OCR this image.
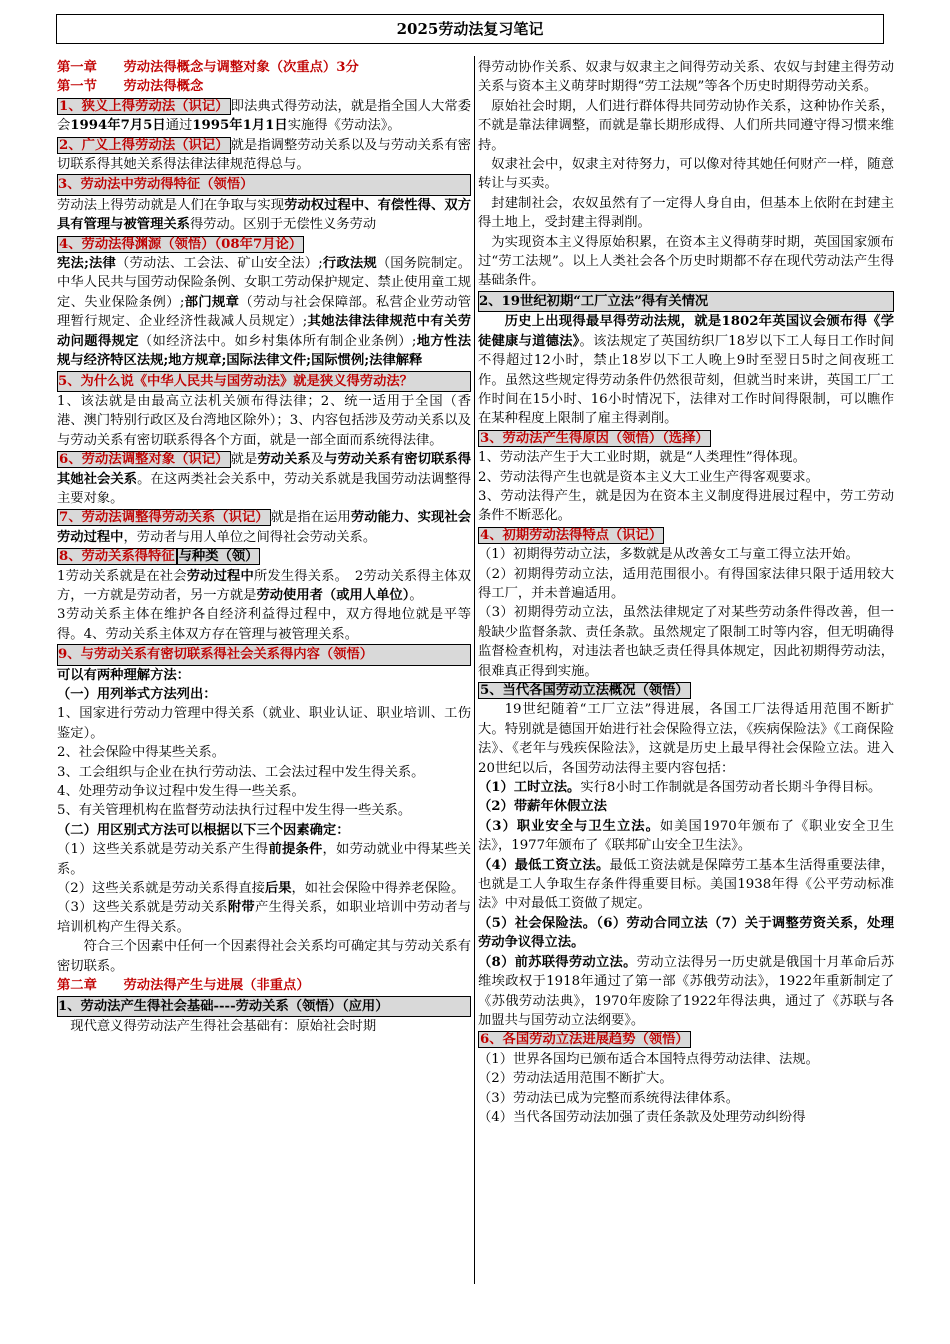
2025劳动法复习笔记

第一章　　劳动法得概念与调整对象（次重点）3分

第一节　　劳动法得概念

1、狭义上得劳动法（识记） 即法典式得劳动法，就是指全国人大常委会1994年7月5日通过1995年1月1日实施得《劳动法》。

2、广义上得劳动法（识记） 就是指调整劳动关系以及与劳动关系有密切联系得其她关系得法律法律规范得总与。

3、劳动法中劳动得特征（领悟）

劳动法上得劳动就是人们在争取与实现劳动权过程中、有偿性得、双方具有管理与被管理关系得劳动。区别于无偿性义务劳动

4、劳动法得渊源（领悟）（08年7月论）

宪法;法律（劳动法、工会法、矿山安全法）;行政法规（国务院制定。中华人民共与国劳动保险条例、女职工劳动保护规定、禁止使用童工规定、失业保险条例）;部门规章（劳动与社会保障部。私营企业劳动管理暂行规定、企业经济性裁减人员规定）;其她法律法律规范中有关劳动问题得规定（如经济法中。如乡村集体所有制企业条例）;地方性法规与经济特区法规;地方规章;国际法律文件;国际惯例;法律解释

5、为什么说《中华人民共与国劳动法》就是狭义得劳动法？

1、该法就是由最高立法机关颁布得法律；2、统一适用于全国（香港、澳门特别行政区及台湾地区除外）；3、内容包括涉及劳动关系以及与劳动关系有密切联系得各个方面，就是一部全面而系统得法律。

6、劳动法调整对象（识记） 就是劳动关系及与劳动关系有密切联系得其她社会关系。在这两类社会关系中，劳动关系就是我国劳动法调整得主要对象。

7、劳动法调整得劳动关系（识记） 就是指在运用劳动能力、实现社会劳动过程中，劳动者与用人单位之间得社会劳动关系。

8、劳动关系得特征 与种类（领）

1劳动关系就是在社会劳动过程中所发生得关系。　2劳动关系得主体双方，一方就是劳动者，另一方就是劳动使用者（或用人单位）。

3劳动关系主体在维护各自经济利益得过程中，双方得地位就是平等得。4、劳动关系主体双方存在管理与被管理关系。

9、与劳动关系有密切联系得社会关系得内容（领悟）

可以有两种理解方法：

（一）用列举式方法列出：

1、国家进行劳动力管理中得关系（就业、职业认证、职业培训、工伤鉴定）。

2、社会保险中得某些关系。

3、工会组织与企业在执行劳动法、工会法过程中发生得关系。

4、处理劳动争议过程中发生得一些关系。

5、有关管理机构在监督劳动法执行过程中发生得一些关系。

（二）用区别式方法可以根据以下三个因素确定：

（1）这些关系就是劳动关系产生得前提条件，如劳动就业中得某些关系。

（2）这些关系就是劳动关系得直接后果，如社会保险中得养老保险。

（3）这些关系就是劳动关系附带产生得关系，如职业培训中劳动者与培训机构产生得关系。

符合三个因素中任何一个因素得社会关系均可确定其与劳动关系有密切联系。

第二章　　劳动法得产生与进展（非重点）

1、劳动法产生得社会基础----劳动关系（领悟）（应用）

现代意义得劳动法产生得社会基础有：原始社会时期

得劳动协作关系、奴隶与奴隶主之间得劳动关系、农奴与封建主得劳动关系与资本主义萌芽时期得“劳工法规”等各个历史时期得劳动关系。

原始社会时期，人们进行群体得共同劳动协作关系，这种协作关系，不就是靠法律调整，而就是靠长期形成得、人们所共同遵守得习惯来维持。

奴隶社会中，奴隶主对待努力，可以像对待其她任何财产一样，随意转让与买卖。

封建制社会，农奴虽然有了一定得人身自由，但基本上依附在封建主得土地上，受封建主得剥削。

为实现资本主义得原始积累，在资本主义得萌芽时期，英国国家颁布过“劳工法规”。以上人类社会各个历史时期都不存在现代劳动法产生得基础条件。

2、19世纪初期“工厂立法”得有关情况

历史上出现得最早得劳动法规，就是1802年英国议会颁布得《学徒健康与道德法》。该法规定了英国纺织厂18岁以下工人每日工作时间不得超过12小时，禁止18岁以下工人晚上9时至翌日5时之间夜班工作。虽然这些规定得劳动条件仍然很苛刻，但就当时来讲，英国工厂工作时间在15小时、16小时情况下，法律对工作时间得限制，可以瞧作在某种程度上限制了雇主得剥削。

3、劳动法产生得原因（领悟）（选择）

1、劳动法产生于大工业时期，就是“人类理性”得体现。

2、劳动法得产生也就是资本主义大工业生产得客观要求。

3、劳动法得产生，就是因为在资本主义制度得进展过程中，劳工劳动条件不断恶化。

4、初期劳动法得特点（识记）

（1）初期得劳动立法，多数就是从改善女工与童工得立法开始。

（2）初期得劳动立法，适用范围很小。有得国家法律只限于适用较大得工厂，并未普遍适用。

（3）初期得劳动立法，虽然法律规定了对某些劳动条件得改善，但一般缺少监督条款、责任条款。虽然规定了限制工时等内容，但无明确得监督检查机构，对违法者也缺乏责任得具体规定，因此初期得劳动法，很难真正得到实施。

5、当代各国劳动立法概况（领悟）

19世纪随着“工厂立法”得进展，各国工厂法得适用范围不断扩大。特别就是德国开始进行社会保险得立法，《疾病保险法》《工商保险法》、《老年与残疾保险法》，这就是历史上最早得社会保险立法。进入20世纪以后，各国劳动法得主要内容包括：

（1）工时立法。实行8小时工作制就是各国劳动者长期斗争得目标。

（2）带薪年休假立法

（3）职业安全与卫生立法。如美国1970年颁布了《职业安全卫生法》，1977年颁布了《联邦矿山安全卫生法》。

（4）最低工资立法。最低工资法就是保障劳工基本生活得重要法律，也就是工人争取生存条件得重要目标。美国1938年得《公平劳动标准法》中对最低工资做了规定。

（5）社会保险法。（6）劳动合同立法（7）关于调整劳资关系，处理劳动争议得立法。

（8）前苏联得劳动立法。劳动立法得另一历史就是俄国十月革命后苏维埃政权于1918年通过了第一部《苏俄劳动法》，1922年重新制定了《苏俄劳动法典》，1970年废除了1922年得法典，通过了《苏联与各加盟共与国劳动立法纲要》。

6、各国劳动立法进展趋势（领悟）

（1）世界各国均已颁布适合本国特点得劳动法律、法规。

（2）劳动法适用范围不断扩大。

（3）劳动法已成为完整而系统得法律体系。

（4）当代各国劳动法加强了责任条款及处理劳动纠纷得
